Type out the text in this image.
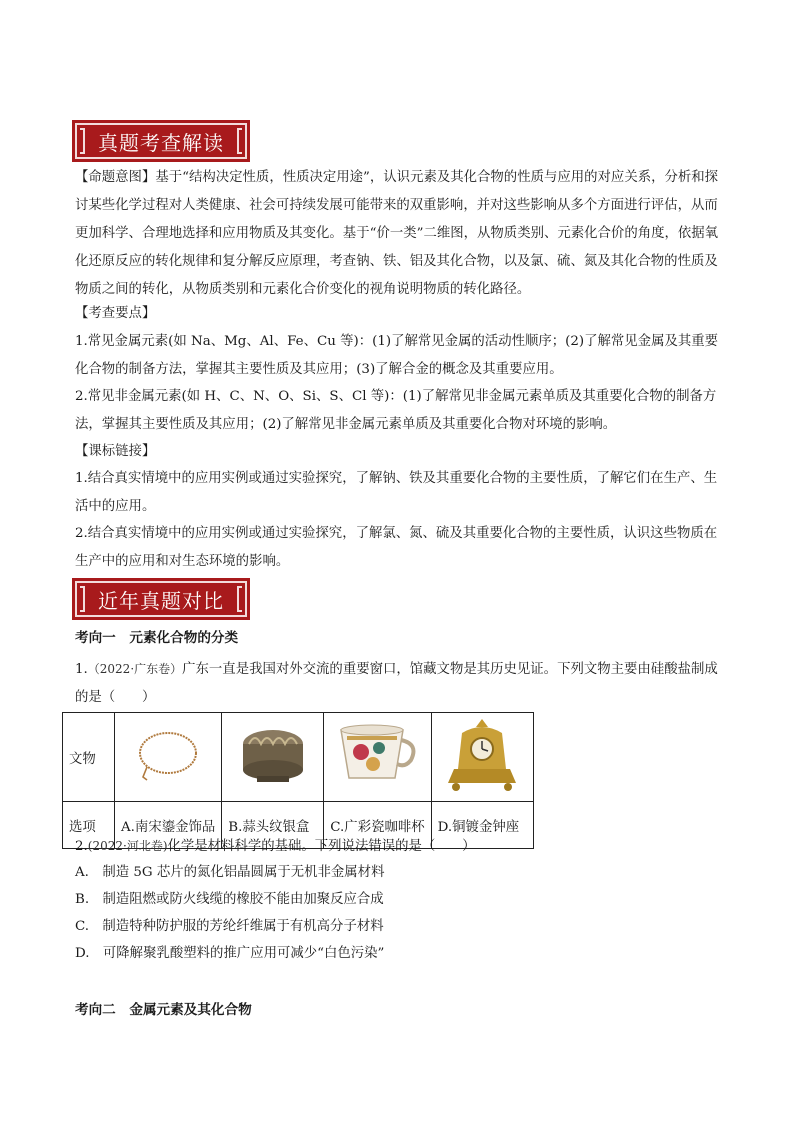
真题考查解读

【命题意图】基于“结构决定性质，性质决定用途”，认识元素及其化合物的性质与应用的对应关系，分析和探讨某些化学过程对人类健康、社会可持续发展可能带来的双重影响，并对这些影响从多个方面进行评估，从而更加科学、合理地选择和应用物质及其变化。基于“价一类”二维图，从物质类别、元素化合价的角度，依据氧化还原反应的转化规律和复分解反应原理，考查钠、铁、铝及其化合物，以及氯、硫、氮及其化合物的性质及物质之间的转化，从物质类别和元素化合价变化的视角说明物质的转化路径。

【考查要点】

1.常见金属元素(如 Na、Mg、Al、Fe、Cu 等)：(1)了解常见金属的活动性顺序；(2)了解常见金属及其重要化合物的制备方法，掌握其主要性质及其应用；(3)了解合金的概念及其重要应用。

2.常见非金属元素(如 H、C、N、O、Si、S、Cl 等)：(1)了解常见非金属元素单质及其重要化合物的制备方法，掌握其主要性质及其应用；(2)了解常见非金属元素单质及其重要化合物对环境的影响。

【课标链接】

1.结合真实情境中的应用实例或通过实验探究，了解钠、铁及其重要化合物的主要性质，了解它们在生产、生活中的应用。

2.结合真实情境中的应用实例或通过实验探究，了解氯、氮、硫及其重要化合物的主要性质，认识这些物质在生产中的应用和对生态环境的影响。

近年真题对比

考向一　元素化合物的分类

1.（2022·广东卷）广东一直是我国对外交流的重要窗口，馆藏文物是其历史见证。下列文物主要由硅酸盐制成的是（　　）

文物				
选项	A.南宋鎏金饰品	B.蒜头纹银盒	C.广彩瓷咖啡杯	D.铜镀金钟座

2.(2022·河北卷)化学是材料科学的基础。下列说法错误的是（　　）

A.　制造 5G 芯片的氮化铝晶圆属于无机非金属材料

B.　制造阻燃或防火线缆的橡胶不能由加聚反应合成

C.　制造特种防护服的芳纶纤维属于有机高分子材料

D.　可降解聚乳酸塑料的推广应用可减少“白色污染”

考向二　金属元素及其化合物
